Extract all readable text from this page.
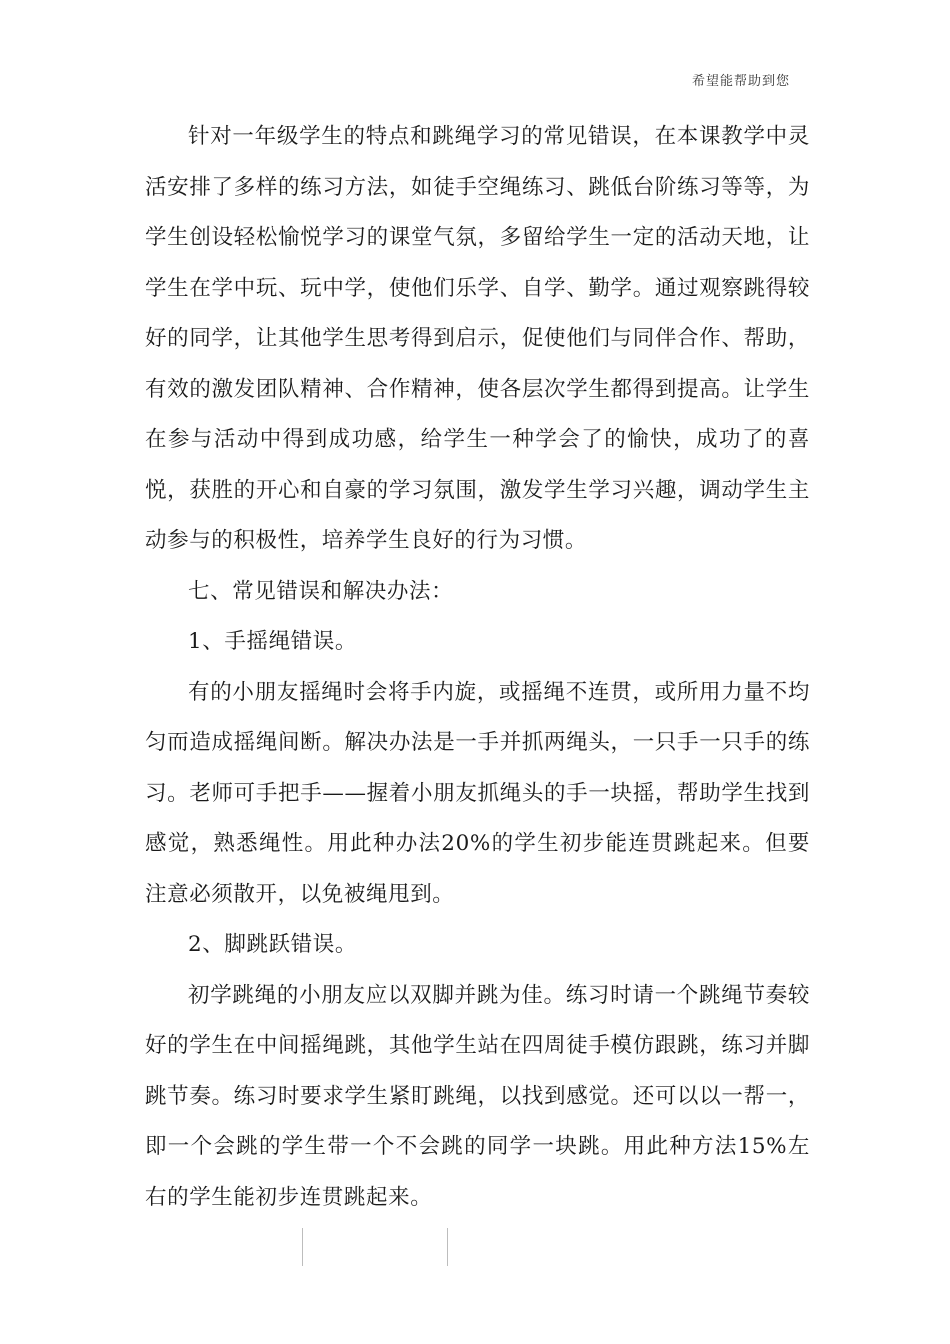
希望能帮助到您

针对一年级学生的特点和跳绳学习的常见错误，在本课教学中灵活安排了多样的练习方法，如徒手空绳练习、跳低台阶练习等等，为学生创设轻松愉悦学习的课堂气氛，多留给学生一定的活动天地，让学生在学中玩、玩中学，使他们乐学、自学、勤学。通过观察跳得较好的同学，让其他学生思考得到启示，促使他们与同伴合作、帮助，有效的激发团队精神、合作精神，使各层次学生都得到提高。让学生在参与活动中得到成功感，给学生一种学会了的愉快，成功了的喜悦，获胜的开心和自豪的学习氛围，激发学生学习兴趣，调动学生主动参与的积极性，培养学生良好的行为习惯。

七、常见错误和解决办法：

1、手摇绳错误。

有的小朋友摇绳时会将手内旋，或摇绳不连贯，或所用力量不均匀而造成摇绳间断。解决办法是一手并抓两绳头，一只手一只手的练习。老师可手把手——握着小朋友抓绳头的手一块摇，帮助学生找到感觉，熟悉绳性。用此种办法20%的学生初步能连贯跳起来。但要注意必须散开，以免被绳甩到。

2、脚跳跃错误。

初学跳绳的小朋友应以双脚并跳为佳。练习时请一个跳绳节奏较好的学生在中间摇绳跳，其他学生站在四周徒手模仿跟跳，练习并脚跳节奏。练习时要求学生紧盯跳绳，以找到感觉。还可以以一帮一，即一个会跳的学生带一个不会跳的同学一块跳。用此种方法15%左右的学生能初步连贯跳起来。
